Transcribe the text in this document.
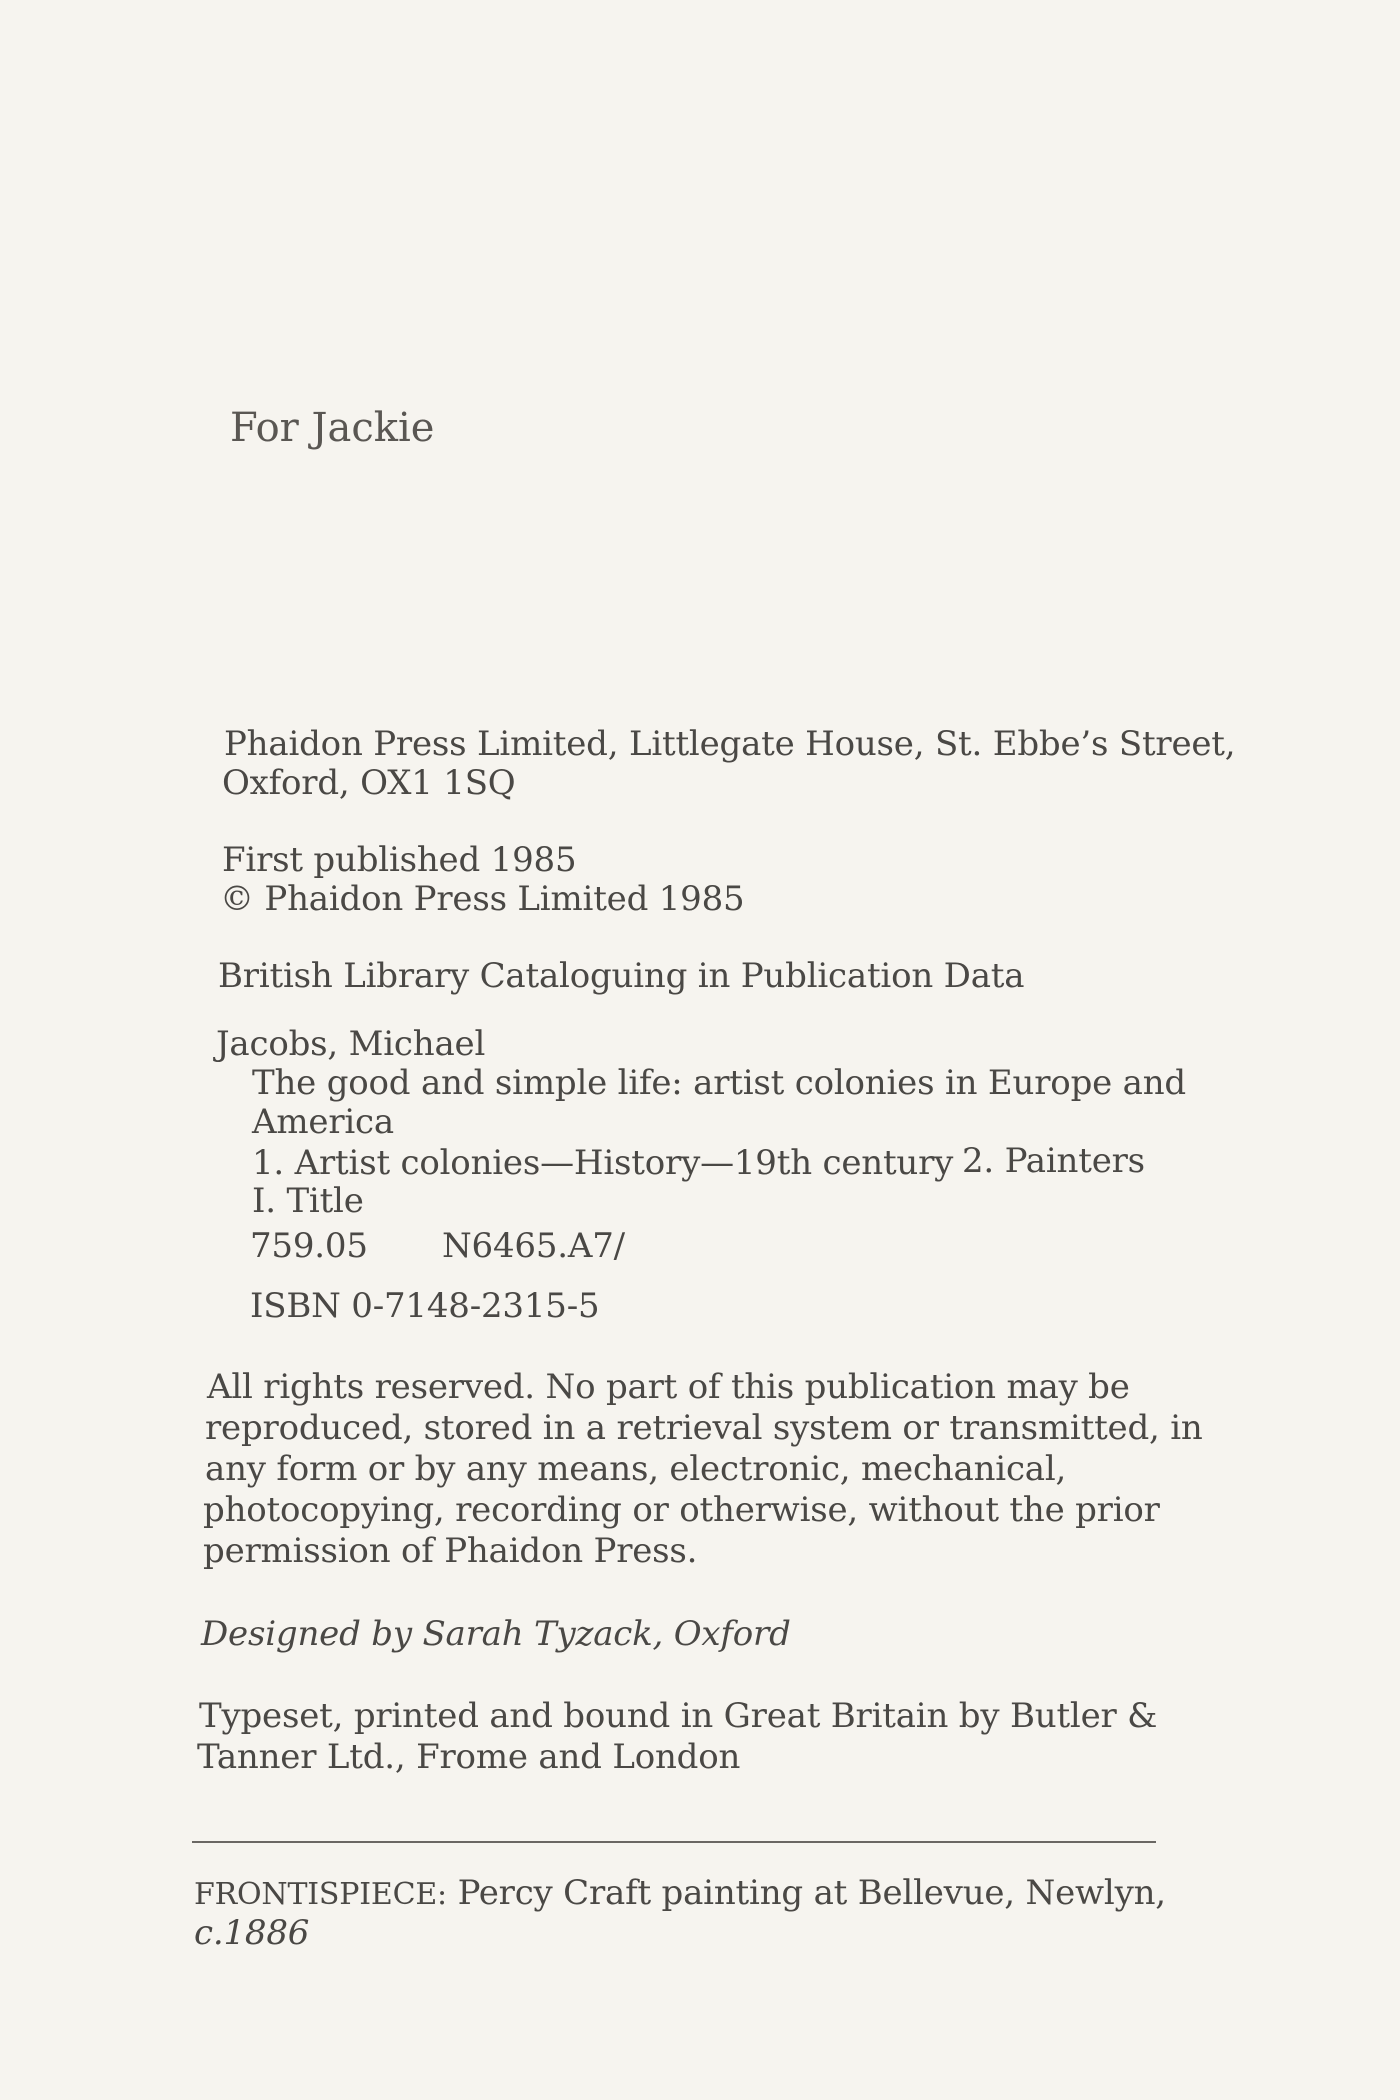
For Jackie
Phaidon Press Limited, Littlegate House, St. Ebbe’s Street,
Oxford, OX1 1SQ
First published 1985
© Phaidon Press Limited 1985
British Library Cataloguing in Publication Data
Jacobs, Michael
The good and simple life: artist colonies in Europe and
America
1. Artist colonies—History—19th century 2. Painters
I. Title
759.05 N6465.A7/
ISBN 0-7148-2315-5
All rights reserved. No part of this publication may be
reproduced, stored in a retrieval system or transmitted, in
any form or by any means, electronic, mechanical,
photocopying, recording or otherwise, without the prior
permission of Phaidon Press.
Designed by Sarah Tyzack, Oxford
Typeset, printed and bound in Great Britain by Butler &
Tanner Ltd., Frome and London
FRONTISPIECE: Percy Craft painting at Bellevue, Newlyn,
c.1886
